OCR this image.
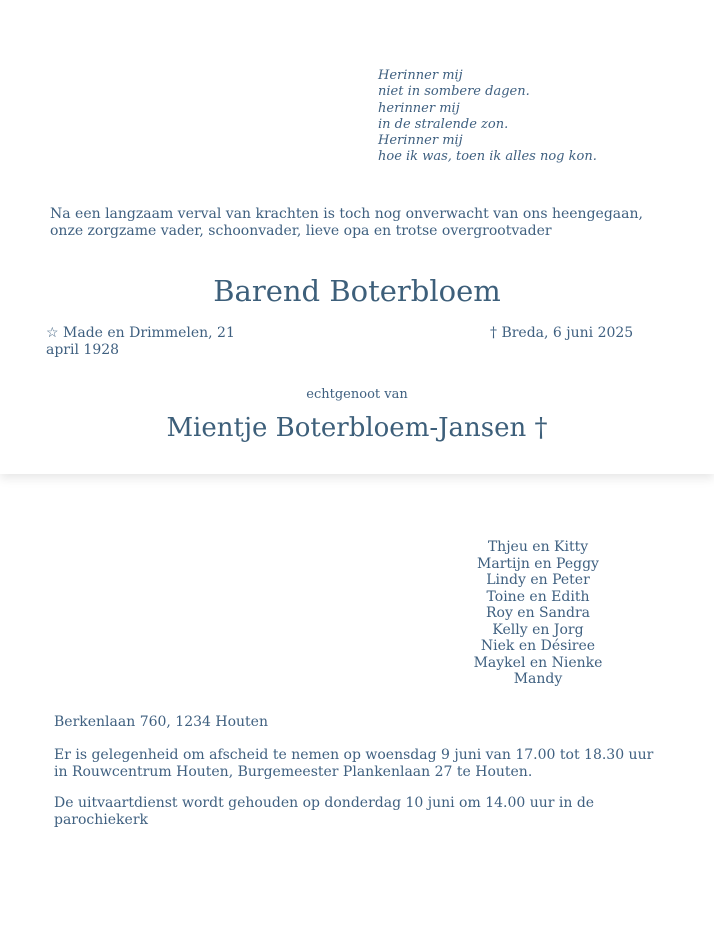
Herinner mij
niet in sombere dagen.
herinner mij
in de stralende zon.
Herinner mij
hoe ik was, toen ik alles nog kon.
Na een langzaam verval van krachten is toch nog onverwacht van ons heengegaan,
onze zorgzame vader, schoonvader, lieve opa en trotse overgrootvader
Barend Boterbloem
☆ Made en Drimmelen, 21
april 1928
† Breda, 6 juni 2025
echtgenoot van
Mientje Boterbloem-Jansen †
Thjeu en Kitty
Martijn en Peggy
Lindy en Peter
Toine en Edith
Roy en Sandra
Kelly en Jorg
Niek en Désiree
Maykel en Nienke
Mandy
Berkenlaan 760, 1234 Houten
Er is gelegenheid om afscheid te nemen op woensdag 9 juni van 17.00 tot 18.30 uur
in Rouwcentrum Houten, Burgemeester Plankenlaan 27 te Houten.
De uitvaartdienst wordt gehouden op donderdag 10 juni om 14.00 uur in de
parochiekerk
